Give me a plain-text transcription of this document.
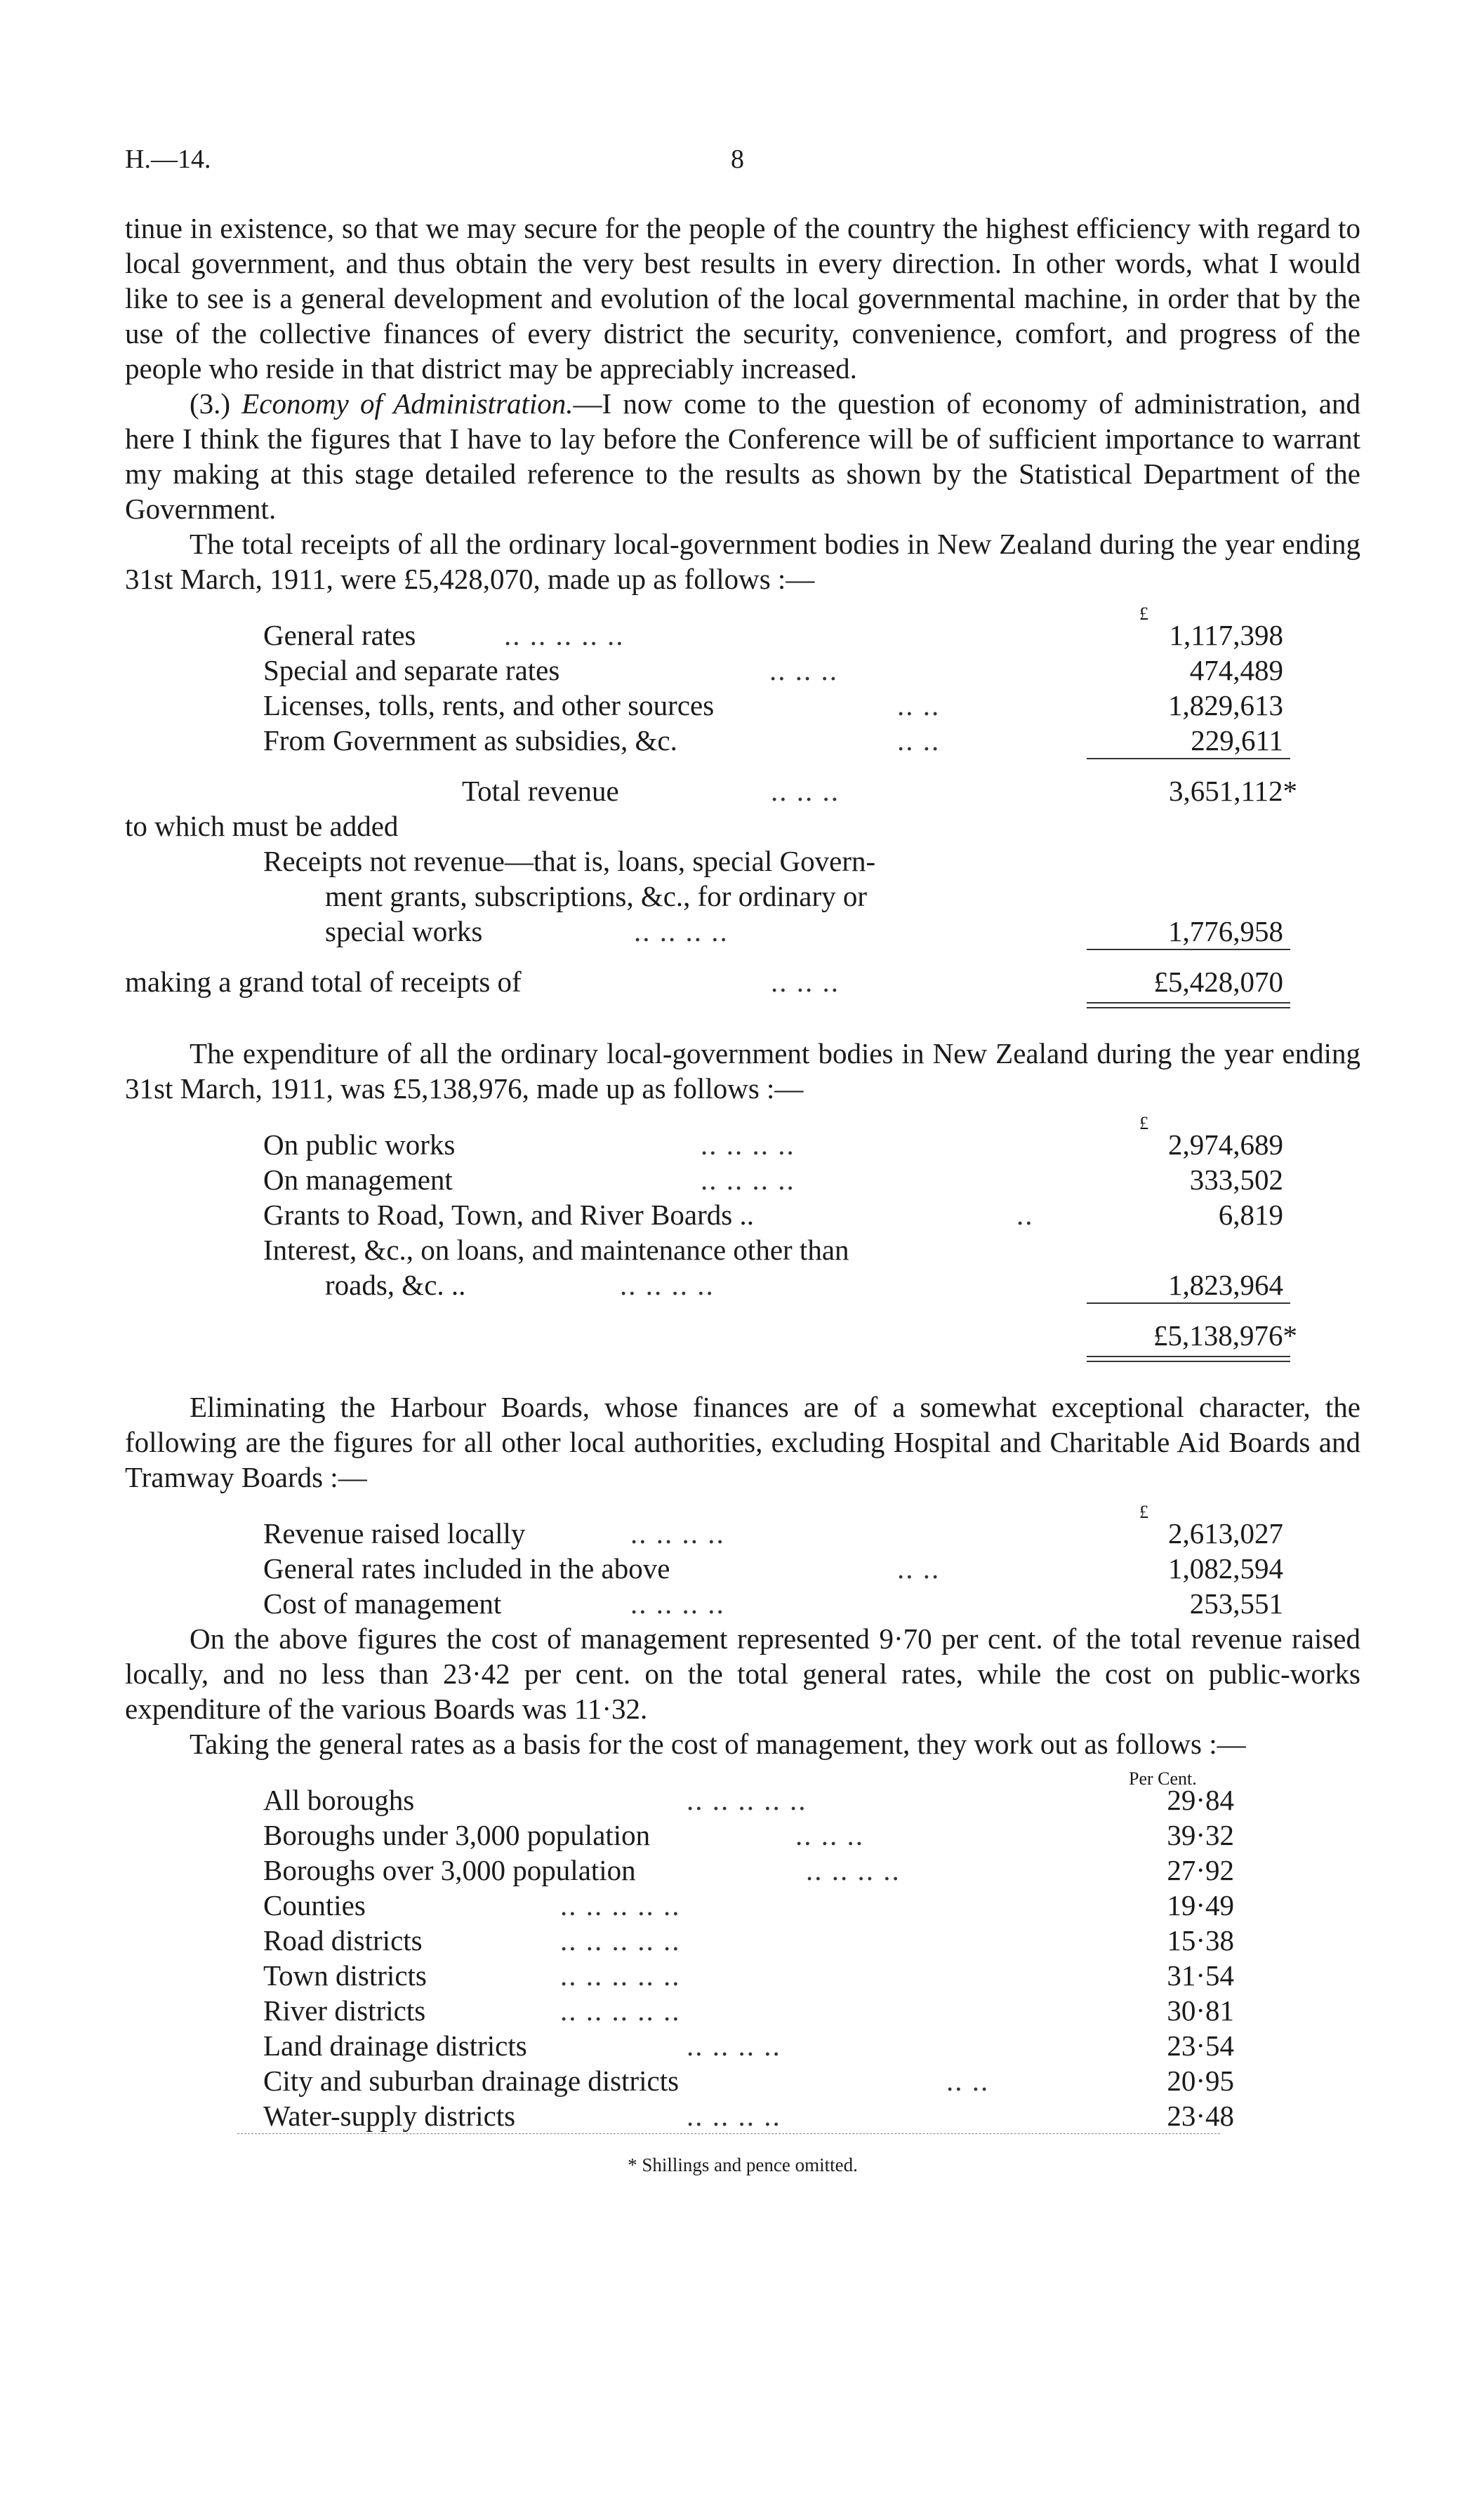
H.—14.	8

tinue in existence, so that we may secure for the people of the country the highest efficiency with regard to local government, and thus obtain the very best results in every direction. In other words, what I would like to see is a general development and evolution of the local governmental machine, in order that by the use of the collective finances of every district the security, convenience, comfort, and progress of the people who reside in that district may be appreciably increased.

(3.) Economy of Administration.—I now come to the question of economy of administration, and here I think the figures that I have to lay before the Conference will be of sufficient importance to warrant my making at this stage detailed reference to the results as shown by the Statistical Department of the Government.

The total receipts of all the ordinary local-government bodies in New Zealand during the year ending 31st March, 1911, were £5,428,070, made up as follows :—

£
General rates	.. .. .. .. ..	1,117,398
Special and separate rates	.. .. ..	474,489
Licenses, tolls, rents, and other sources	.. ..	1,829,613
From Government as subsidies, &c.	.. ..	229,611
Total revenue	.. .. ..	3,651,112*
to which must be added
Receipts not revenue—that is, loans, special Govern-
ment grants, subscriptions, &c., for ordinary or
special works	.. .. .. ..	1,776,958
making a grand total of receipts of	.. .. ..	£5,428,070

The expenditure of all the ordinary local-government bodies in New Zealand during the year ending 31st March, 1911, was £5,138,976, made up as follows :—

£
On public works	.. .. .. ..	2,974,689
On management	.. .. .. ..	333,502
Grants to Road, Town, and River Boards ..	..	6,819
Interest, &c., on loans, and maintenance other than
roads, &c. ..	.. .. .. ..	1,823,964
£5,138,976*

Eliminating the Harbour Boards, whose finances are of a somewhat exceptional character, the following are the figures for all other local authorities, excluding Hospital and Charitable Aid Boards and Tramway Boards :—

£
Revenue raised locally	.. .. .. ..	2,613,027
General rates included in the above	.. ..	1,082,594
Cost of management	.. .. .. ..	253,551

On the above figures the cost of management represented 9·70 per cent. of the total revenue raised locally, and no less than 23·42 per cent. on the total general rates, while the cost on public-works expenditure of the various Boards was 11·32.

Taking the general rates as a basis for the cost of management, they work out as follows :—

Per Cent.
All boroughs	.. .. .. .. ..	29·84
Boroughs under 3,000 population	.. .. ..	39·32
Boroughs over 3,000 population	.. .. .. ..	27·92
Counties	.. .. .. .. ..	19·49
Road districts	.. .. .. .. ..	15·38
Town districts	.. .. .. .. ..	31·54
River districts	.. .. .. .. ..	30·81
Land drainage districts	.. .. .. ..	23·54
City and suburban drainage districts	.. ..	20·95
Water-supply districts	.. .. .. ..	23·48
* Shillings and pence omitted.
